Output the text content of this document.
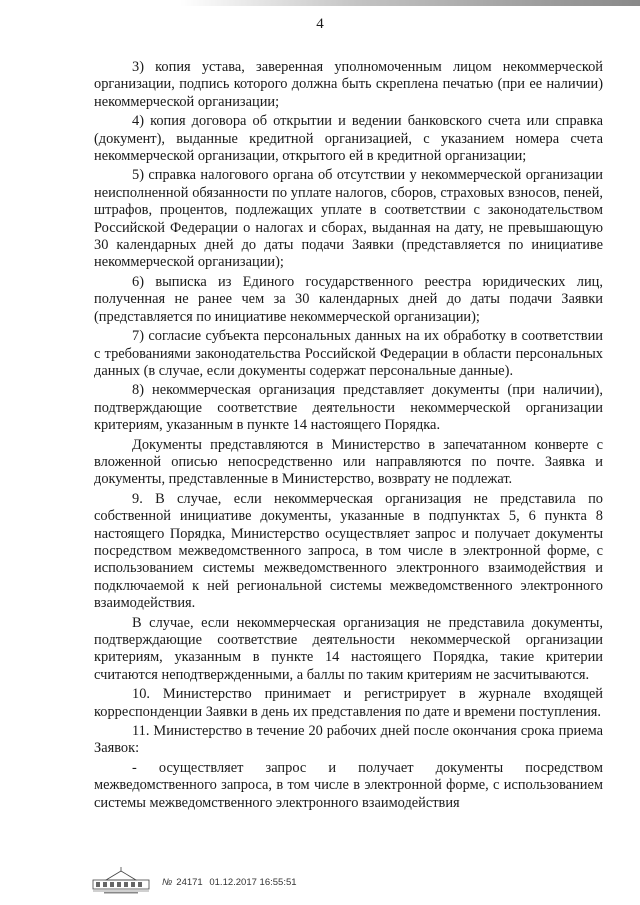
4

3) копия устава, заверенная уполномоченным лицом некоммерческой организации, подпись которого должна быть скреплена печатью (при ее наличии) некоммерческой организации;

4) копия договора об открытии и ведении банковского счета или справка (документ), выданные кредитной организацией, с указанием номера счета некоммерческой организации, открытого ей в кредитной организации;

5) справка налогового органа об отсутствии у некоммерческой организации неисполненной обязанности по уплате налогов, сборов, страховых взносов, пеней, штрафов, процентов, подлежащих уплате в соответствии с законодательством Российской Федерации о налогах и сборах, выданная на дату, не превышающую 30 календарных дней до даты подачи Заявки (представляется по инициативе некоммерческой организации);

6) выписка из Единого государственного реестра юридических лиц, полученная не ранее чем за 30 календарных дней до даты подачи Заявки (представляется по инициативе некоммерческой организации);

7) согласие субъекта персональных данных на их обработку в соответствии с требованиями законодательства Российской Федерации в области персональных данных (в случае, если документы содержат персональные данные).

8) некоммерческая организация представляет документы (при наличии), подтверждающие соответствие деятельности некоммерческой организации критериям, указанным в пункте 14 настоящего Порядка.

Документы представляются в Министерство в запечатанном конверте с вложенной описью непосредственно или направляются по почте. Заявка и документы, представленные в Министерство, возврату не подлежат.

9. В случае, если некоммерческая организация не представила по собственной инициативе документы, указанные в подпунктах 5, 6 пункта 8 настоящего Порядка, Министерство осуществляет запрос и получает документы посредством межведомственного запроса, в том числе в электронной форме, с использованием системы межведомственного электронного взаимодействия и подключаемой к ней региональной системы межведомственного электронного взаимодействия.

В случае, если некоммерческая организация не представила документы, подтверждающие соответствие деятельности некоммерческой организации критериям, указанным в пункте 14 настоящего Порядка, такие критерии считаются неподтвержденными, а баллы по таким критериям не засчитываются.

10. Министерство принимает и регистрирует в журнале входящей корреспонденции Заявки в день их представления по дате и времени поступления.

11. Министерство в течение 20 рабочих дней после окончания срока приема Заявок:

- осуществляет запрос и получает документы посредством межведомственного запроса, в том числе в электронной форме, с использованием системы межведомственного электронного взаимодействия

№ 24171 01.12.2017 16:55:51
